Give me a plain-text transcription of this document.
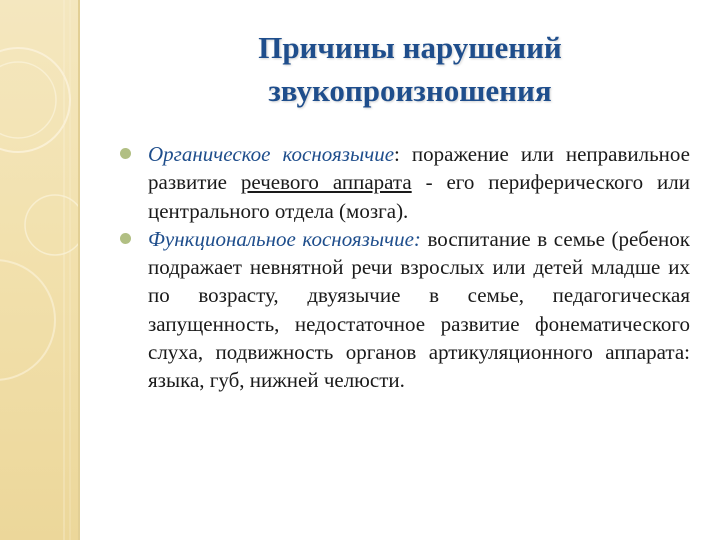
Причины нарушений
звукопроизношения
Органическое косноязычие: поражение или неправильное развитие речевого аппарата - его периферического или центрального отдела (мозга).
Функциональное косноязычие: воспитание в семье (ребенок подражает невнятной речи взрослых или детей младше их по возрасту, двуязычие в семье, педагогическая запущенность, недостаточное развитие фонематического слуха, подвижность органов артикуляционного аппарата: языка, губ, нижней челюсти.
